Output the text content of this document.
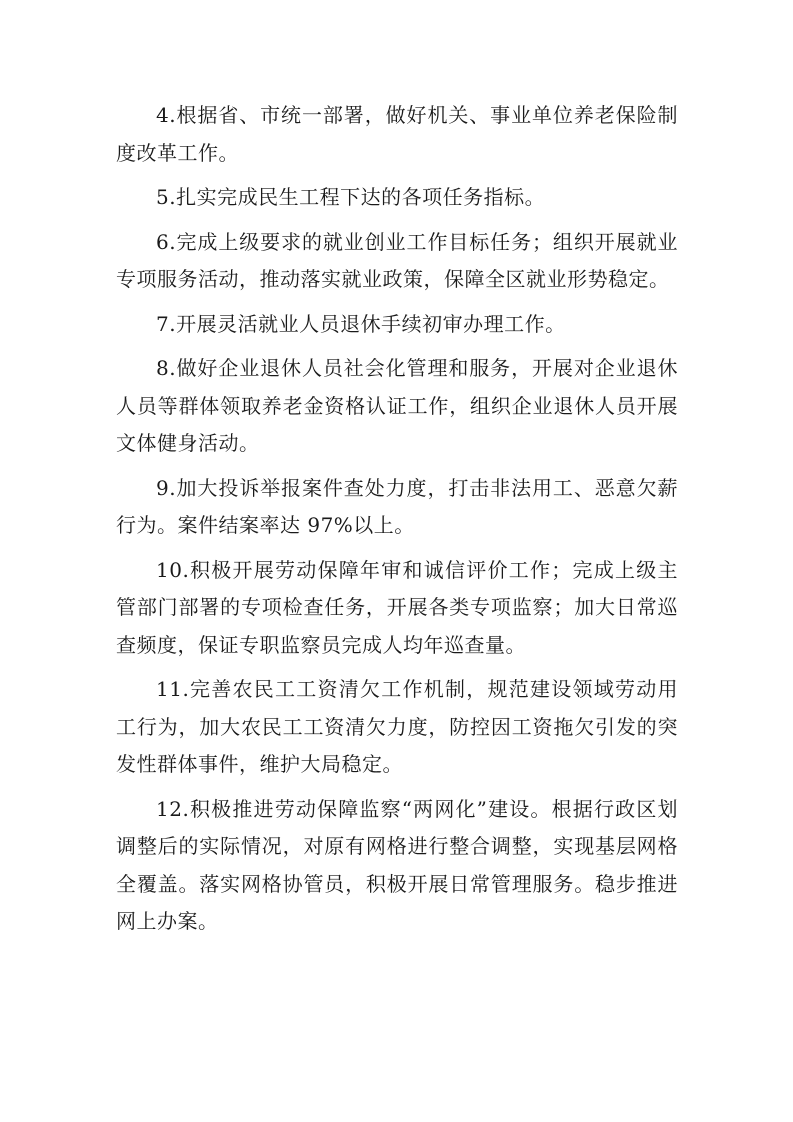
4.根据省、市统一部署，做好机关、事业单位养老保险制度改革工作。

5.扎实完成民生工程下达的各项任务指标。

6.完成上级要求的就业创业工作目标任务；组织开展就业专项服务活动，推动落实就业政策，保障全区就业形势稳定。

7.开展灵活就业人员退休手续初审办理工作。

8.做好企业退休人员社会化管理和服务，开展对企业退休人员等群体领取养老金资格认证工作，组织企业退休人员开展文体健身活动。

9.加大投诉举报案件查处力度，打击非法用工、恶意欠薪行为。案件结案率达 97%以上。

10.积极开展劳动保障年审和诚信评价工作；完成上级主管部门部署的专项检查任务，开展各类专项监察；加大日常巡查频度，保证专职监察员完成人均年巡查量。

11.完善农民工工资清欠工作机制，规范建设领域劳动用工行为，加大农民工工资清欠力度，防控因工资拖欠引发的突发性群体事件，维护大局稳定。

12.积极推进劳动保障监察“两网化”建设。根据行政区划调整后的实际情况，对原有网格进行整合调整，实现基层网格全覆盖。落实网格协管员，积极开展日常管理服务。稳步推进网上办案。
